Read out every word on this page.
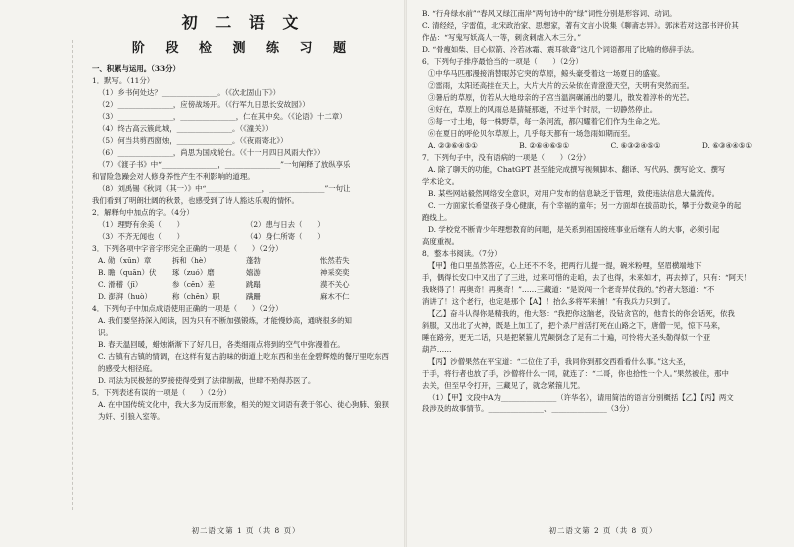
初 二 语 文
阶 段 检 测 练 习 题

一、积累与运用。（33分）

1．默写。（11分）

（1）乡书何处达？_______________。（《次北固山下》）

（2）_______________，应傍战场开。（《行军九日思长安故园》）

（3）_______________，_______________，仁在其中矣。（《论语》十二章）

（4）终古高云簇此城，_______________。（《潼关》）

（5）何当共剪西窗烛，_______________。（《夜雨寄北》）

（6）_______________，尚思为国戍轮台。（《十一月四日风雨大作》）

（7）《渡子书》中“_______________，_______________”一句阐释了放纵享乐

和冒险急躁会对人修身养性产生不利影响的道理。

（8）刘禹锡《秋词（其一）》中“_______________，_______________”一句让

我们看到了明朗壮阔的秋景，也感受到了诗人豁达乐观的情怀。

2．解释句中加点的字。（4分）

（1）理野有余美（　　）	（2）患与日去（　　）
（3）不齐无闻也（　　）	（4）身仁所寄（　　）

3．下列各项中字音字形完全正确的一项是（　　）（2分）

A. 勋（xūn）章	拆和（hè）	蓬勃	怅然若失
B. 瞻（quān）伏	琢（zuó）磨	嬉游	神采奕奕
C. 滑稽（jī）	参（cēn）差	跳蹋	漠不关心
D. 澎湃（huò）	称（chēn）职	蹒跚	麻木不仁

4．下列句子中加点成语使用正确的一项是（　　）（2分）

A. 我们要坚持深入阅读，因为只有不断加强锻炼，才能慢妙高，通晓很多的知

识。

B. 春天温回暖，蜡烛渐渐下了好几日，各类细雨点将到的空气中弥漫着在。

C. 古镇有古镇的情调，在这样有复古韵味的街道上吃东西和坐在金碧辉煌的餐厅里吃东西

的感受大相径庭。

D. 司法为民极惩的罗接使得受到了法律制裁，世肆不殆得苏医了。

5．下列表述有误的一项是（　　）（2分）

A. 在中国传统文化中，我大多为反而形象，相关的短文词语有袭于邻心、徒心狗肺、狼狈

为奸、引狼入室等。

初二语文第 1 页（共 8 页）

B. “行舟绿水前”“春风又绿江南岸”两句诗中的“绿”词性分别是形容词、动词。

C. 清经经，字雷值，北宋政治家、思想家，著有文言小说集《聊斋志异》。郭沫若对这部书评价其

作品：“写鬼写妖高人一等，刺贪刺虐入木三分。”

D. “骨瘦如柴、目心似箭、冷若冰霜、震耳欲聋”这几个词语都用了比喻的修辞手法。

6．下列句子排序最恰当的一项是（　　）（2分）

①中华马匹那漫接消替眼苏它突的草原，鲸头豪受着这一场夏日的盛宴。

②雷雨，太阳还高挂在天上，大片大片的云朵依在青澄澄天空，天明有突然而至。

③暑后的草原，仿若从大地母亲的子宫当温润碾涌出的婴儿，散发着淳朴的光芒。

④好在，草原上的风雨总是猜疑那逝，不过半个时辰，一切静然停止。

⑤每一寸土地，每一株野草，每一条河流，都闪耀着它们作为生命之光。

⑥在夏日的呼伦贝尔草原上，几乎每天都有一场急雨如期而至。

A. ②③⑥④⑤①	B. ②⑥④⑥⑤①	C. ⑥③②④⑤①	D. ⑥③④④⑤①

7．下列句子中，没有语病的一项是（　　）（2分）

A. 除了聊天的功能，ChatGPT 甚至能完成撰写视频脚本、翻译、写代码、撰写论文、撰写

学术论文。

B. 某些网站毅然网络安全意识，对用户发布的信息缺乏于管理，致使违法信息大量流传。

C. 一方面家长希望孩子身心健康，有个幸福的童年；另一方面却在拔苗助长，攀于分数竞争的起

跑线上。

D. 学校党不断青少年理想教育的问题，是关系到祖国接班事业后继有人的大事，必须引起

高度重视。

8．整本书阅读。（7分）

【甲】他口里虽然答应，心上还不不冬，把两行儿提一提，碗米粉哩，坚眉横端地下

手，偶得长安口中又出了了三进，过来可惜的走咱，去了也得，未来如才，再去掉了，只有：“阿天！

我晓得了！再奥奇！再奥奇！”……三藏道：“是说闯一个老奇异仗我的。”约者大怒道：“不

消讲了！这个老行，也定是那个【A】！抬么多将军来捕！”有我兵力只到了。

【乙】奋斗认得你是精我的，他大怒：“我把你这脑老，没钻贪官的，他肯长的你会话死，依我

斜服，又出北了火神，既是上加工了，把个杀尸首活打死在山路之下，唐僧一见，惊下马来，

睡在路旁，更无二话，只是把紧箍儿咒颠倒念了足有二十遍，可怜将大圣头勒得似一个亚

葫芦……

【丙】沙僧果然在平宝道：“二位住了手，我同你到那交西看看什么事。”这大圣，

于手，将行者也放了手，沙僧将什么一同，就连了：“二哥，你也拾性一个人。”果然被住，那中

去关，但至早令打开，三藏见了，就念紧箍儿咒。

（1）【甲】文段中A为_______________（许华名），请用简洁的语言分别概括【乙】【丙】两文

段涉及的故事情节。_______________、_______________（3分）

初二语文第 2 页（共 8 页）
